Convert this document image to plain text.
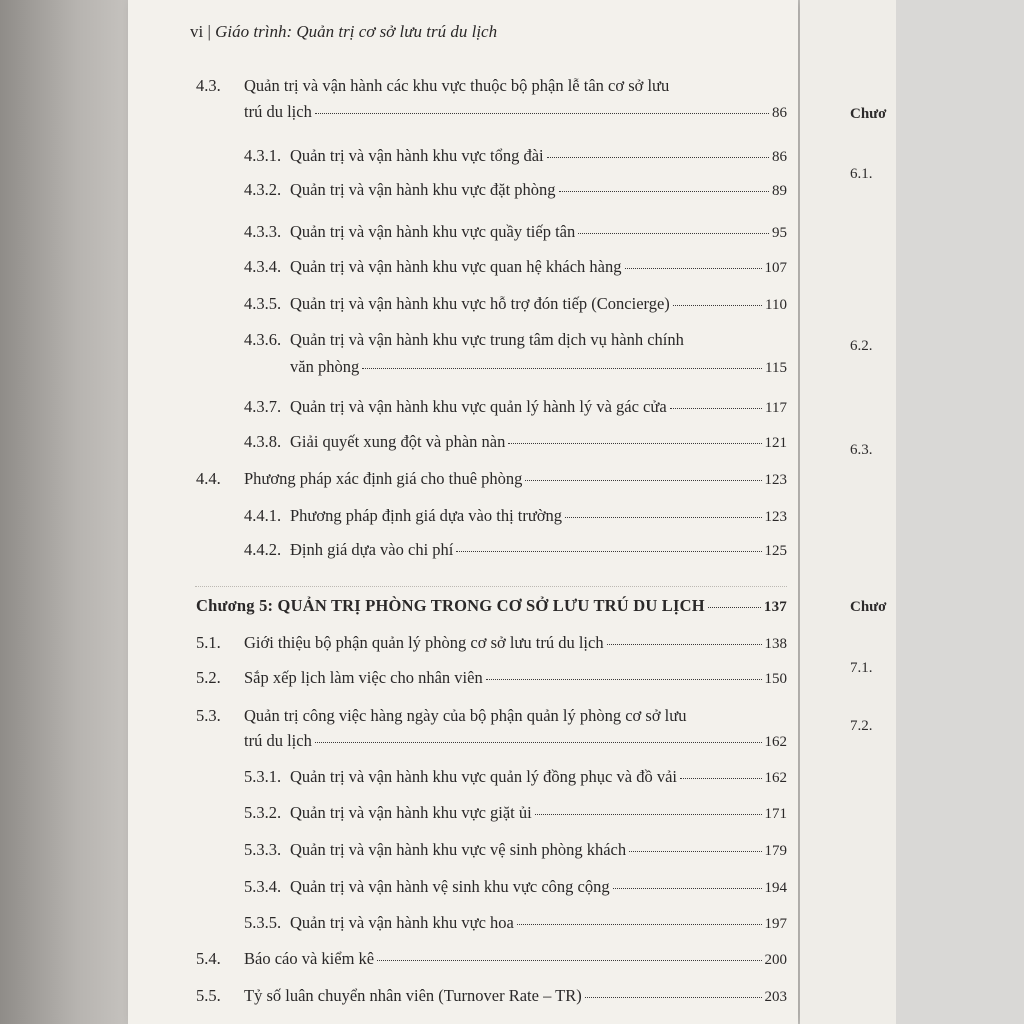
vi | Giáo trình: Quản trị cơ sở lưu trú du lịch
4.3. Quản trị và vận hành các khu vực thuộc bộ phận lễ tân cơ sở lưu
trú du lịch	86
4.3.1. Quản trị và vận hành khu vực tổng đài	86
4.3.2. Quản trị và vận hành khu vực đặt phòng	89
4.3.3. Quản trị và vận hành khu vực quầy tiếp tân	95
4.3.4. Quản trị và vận hành khu vực quan hệ khách hàng	107
4.3.5. Quản trị và vận hành khu vực hỗ trợ đón tiếp (Concierge)	110
4.3.6. Quản trị và vận hành khu vực trung tâm dịch vụ hành chính
văn phòng	115
4.3.7. Quản trị và vận hành khu vực quản lý hành lý và gác cửa	117
4.3.8. Giải quyết xung đột và phàn nàn	121
4.4.	Phương pháp xác định giá cho thuê phòng	123
4.4.1. Phương pháp định giá dựa vào thị trường	123
4.4.2. Định giá dựa vào chi phí	125
Chương 5: QUẢN TRỊ PHÒNG TRONG CƠ SỞ LƯU TRÚ DU LỊCH	137
5.1.	Giới thiệu bộ phận quản lý phòng cơ sở lưu trú du lịch	138
5.2.	Sắp xếp lịch làm việc cho nhân viên	150
5.3. Quản trị công việc hàng ngày của bộ phận quản lý phòng cơ sở lưu
trú du lịch	162
5.3.1. Quản trị và vận hành khu vực quản lý đồng phục và đồ vải	162
5.3.2. Quản trị và vận hành khu vực giặt ủi	171
5.3.3. Quản trị và vận hành khu vực vệ sinh phòng khách	179
5.3.4. Quản trị và vận hành vệ sinh khu vực công cộng	194
5.3.5. Quản trị và vận hành khu vực hoa	197
5.4.	Báo cáo và kiểm kê	200
5.5.	Tỷ số luân chuyển nhân viên (Turnover Rate – TR)	203
Chươ
6.1.
6.2.
6.3.
Chươ
7.1.
7.2.
